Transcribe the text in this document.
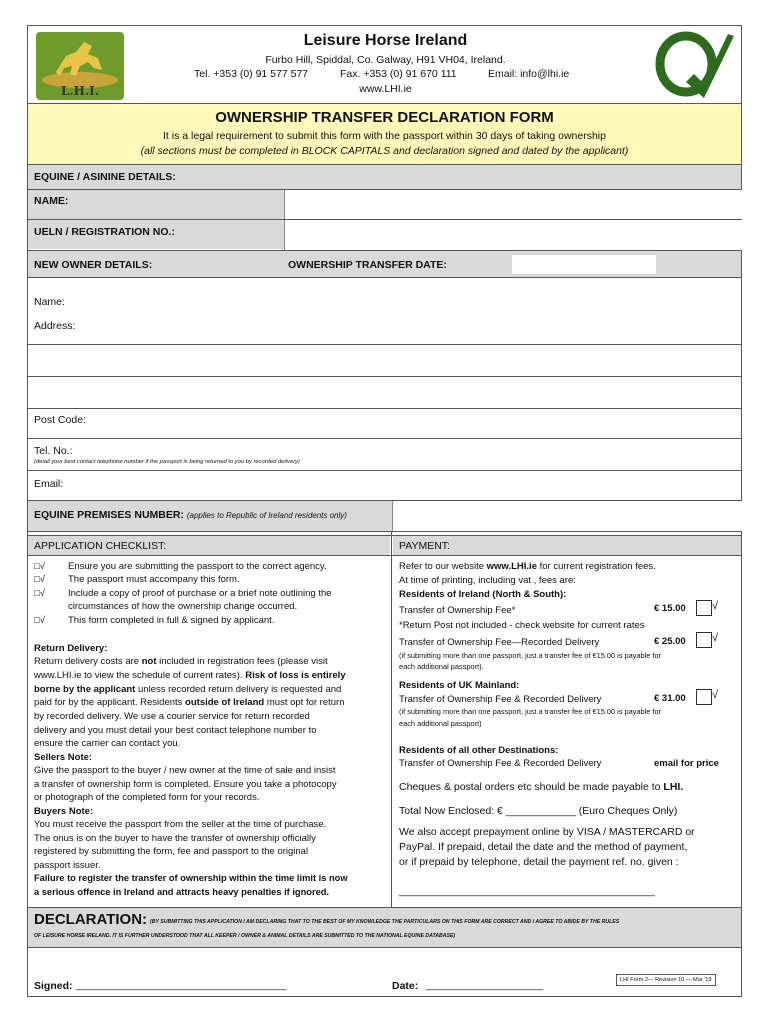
L.H.I.
Leisure Horse Ireland
Furbo Hill, Spiddal, Co. Galway, H91 VH04, Ireland.
Tel. +353 (0) 91 577 577	Fax. +353 (0) 91 670 111	Email: info@lhi.ie
www.LHI.ie
OWNERSHIP TRANSFER DECLARATION FORM
It is a legal requirement to submit this form with the passport within 30 days of taking ownership
(all sections must be completed in BLOCK CAPITALS and declaration signed and dated by the applicant)
EQUINE / ASININE DETAILS:
NAME:
UELN / REGISTRATION NO.:
NEW OWNER DETAILS:	OWNERSHIP TRANSFER DATE:
Name:
Address:
Post Code:
Tel. No.:
(detail your best contact telephone number if the passport is being returned to you by recorded delivery)
Email:
EQUINE PREMISES NUMBER: (applies to Republic of Ireland residents only)
APPLICATION CHECKLIST:	PAYMENT:
□√ Ensure you are submitting the passport to the correct agency.
□√ The passport must accompany this form.
□√ Include a copy of proof of purchase or a brief note outlining the
circumstances of how the ownership change occurred.
□√ This form completed in full & signed by applicant.
Return Delivery:
Return delivery costs are not included in registration fees (please visit
www.LHI.ie to view the schedule of current rates). Risk of loss is entirely
borne by the applicant unless recorded return delivery is requested and
paid for by the applicant. Residents outside of Ireland must opt for return
by recorded delivery. We use a courier service for return recorded
delivery and you must detail your best contact telephone number to
ensure the carrier can contact you.
Sellers Note:
Give the passport to the buyer / new owner at the time of sale and insist
a transfer of ownership form is completed. Ensure you take a photocopy
or photograph of the completed form for your records.
Buyers Note:
You must receive the passport from the seller at the time of purchase.
The onus is on the buyer to have the transfer of ownership officially
registered by submitting the form, fee and passport to the original
passport issuer.
Failure to register the transfer of ownership within the time limit is now
a serious offence in Ireland and attracts heavy penalties if ignored.
Refer to our website www.LHI.ie for current registration fees.
At time of printing, including vat , fees are:
Residents of Ireland (North & South):
Transfer of Ownership Fee*	€ 15.00 √
*Return Post not included - check website for current rates
Transfer of Ownership Fee—Recorded Delivery	€ 25.00 √
(if submitting more than one passport, just a transfer fee of €15.00 is payable for
each additional passport).
Residents of UK Mainland:
Transfer of Ownership Fee & Recorded Delivery	€ 31.00 √
(if submitting more than one passport, just a transfer fee of €15.00 is payable for
each additional passport)
Residents of all other Destinations:
Transfer of Ownership Fee & Recorded Delivery	email for price
Cheques & postal orders etc should be made payable to LHI.
Total Now Enclosed: € ____________ (Euro Cheques Only)
We also accept prepayment online by VISA / MASTERCARD or
PayPal. If prepaid, detail the date and the method of payment,
or if prepaid by telephone, detail the payment ref. no. given :
______________________________________________
DECLARATION: (BY SUBMITTING THIS APPLICATION I AM DECLARING THAT TO THE BEST OF MY KNOWLEDGE THE PARTICULARS ON THIS FORM ARE CORRECT AND I AGREE TO ABIDE BY THE RULES
OF LEISURE HORSE IRELAND. IT IS FURTHER UNDERSTOOD THAT ALL KEEPER / OWNER & ANIMAL DETAILS ARE SUBMITTED TO THE NATIONAL EQUINE DATABASE)
Signed: ____________________________________	Date: ____________________	LHI Form 2— Revision 10 — Mar '19
